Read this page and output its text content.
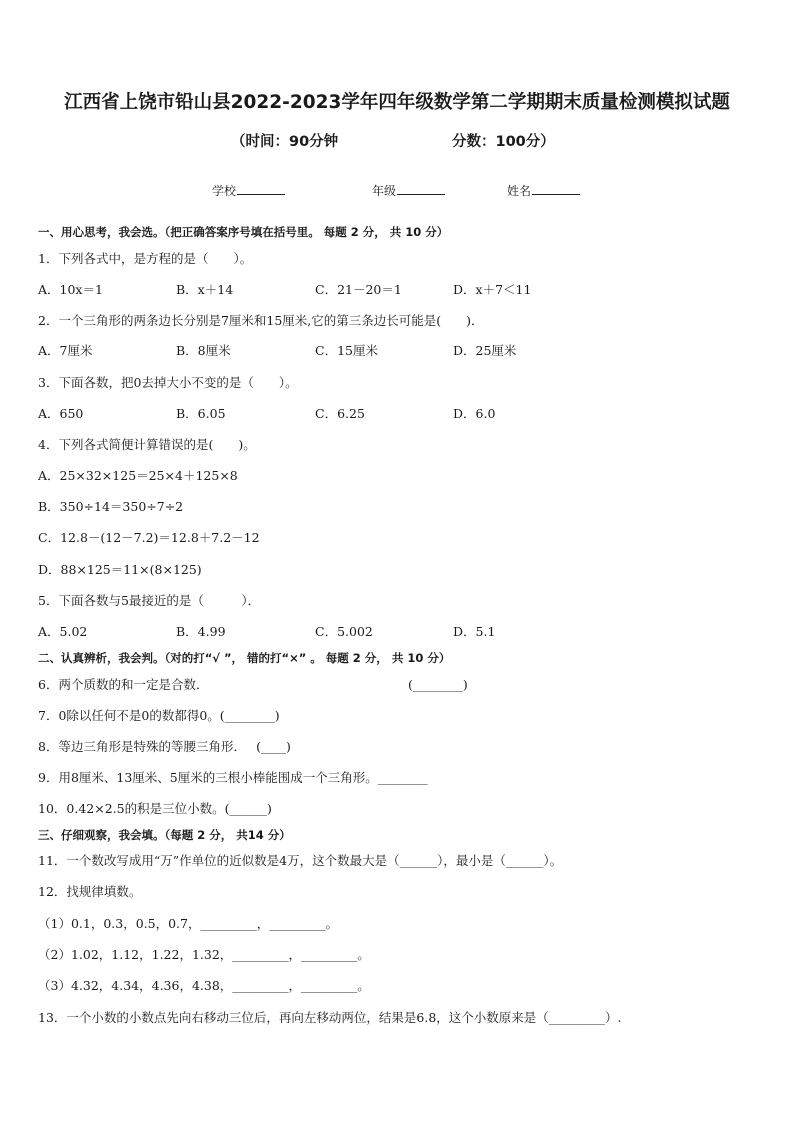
江西省上饶市铅山县2022-2023学年四年级数学第二学期期末质量检测模拟试题
（时间：90分钟	分数：100分）
学校	年级	姓名
一、用心思考，我会选。（把正确答案序号填在括号里。 每题 2 分， 共 10 分）
1．下列各式中，是方程的是（　　）。
A．10x＝1	B．x＋14	C．21－20＝1	D．x＋7＜11
2．一个三角形的两条边长分别是7厘米和15厘米,它的第三条边长可能是(　　)．
A．7厘米	B．8厘米	C．15厘米	D．25厘米
3．下面各数，把0去掉大小不变的是（　　）。
A．650	B．6.05	C．6.25	D．6.0
4．下列各式简便计算错误的是(　　)。
A．25×32×125＝25×4＋125×8
B．350÷14＝350÷7÷2
C．12.8－(12－7.2)＝12.8＋7.2－12
D．88×125＝11×(8×125)
5．下面各数与5最接近的是（　　　）．
A．5.02	B．4.99	C．5.002	D．5.1
二、认真辨析，我会判。（对的打“√ ”， 错的打“×” 。 每题 2 分， 共 10 分）
6．两个质数的和一定是合数．	(________)
7．0除以任何不是0的数都得0。(________)
8．等边三角形是特殊的等腰三角形．　 (____)
9．用8厘米、13厘米、5厘米的三根小棒能围成一个三角形。________
10．0.42×2.5的积是三位小数。(______)
三、仔细观察，我会填。（每题 2 分， 共14 分）
11．一个数改写成用“万”作单位的近似数是4万，这个数最大是（______），最小是（______）。
12．找规律填数。
（1）0.1，0.3，0.5，0.7，_________，_________。
（2）1.02，1.12，1.22，1.32，_________，_________。
（3）4.32，4.34，4.36，4.38，_________，_________。
13．一个小数的小数点先向右移动三位后，再向左移动两位，结果是6.8，这个小数原来是（_________）.
